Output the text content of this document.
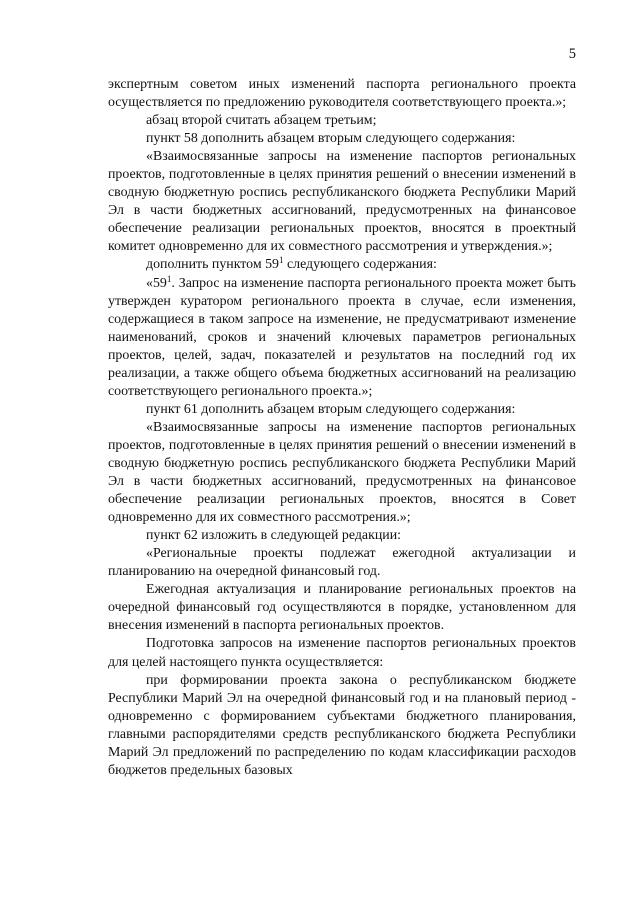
5

экспертным советом иных изменений паспорта регионального проекта осуществляется по предложению руководителя соответствующего проекта.»;

абзац второй считать абзацем третьим;

пункт 58 дополнить абзацем вторым следующего содержания:

«Взаимосвязанные запросы на изменение паспортов региональных проектов, подготовленные в целях принятия решений о внесении изменений в сводную бюджетную роспись республиканского бюджета Республики Марий Эл в части бюджетных ассигнований, предусмотренных на финансовое обеспечение реализации региональных проектов, вносятся в проектный комитет одновременно для их совместного рассмотрения и утверждения.»;

дополнить пунктом $59^1$ следующего содержания:

«$59^1$. Запрос на изменение паспорта регионального проекта может быть утвержден куратором регионального проекта в случае, если изменения, содержащиеся в таком запросе на изменение, не предусматривают изменение наименований, сроков и значений ключевых параметров региональных проектов, целей, задач, показателей и результатов на последний год их реализации, а также общего объема бюджетных ассигнований на реализацию соответствующего регионального проекта.»;

пункт 61 дополнить абзацем вторым следующего содержания:

«Взаимосвязанные запросы на изменение паспортов региональных проектов, подготовленные в целях принятия решений о внесении изменений в сводную бюджетную роспись республиканского бюджета Республики Марий Эл в части бюджетных ассигнований, предусмотренных на финансовое обеспечение реализации региональных проектов, вносятся в Совет одновременно для их совместного рассмотрения.»;

пункт 62 изложить в следующей редакции:

«Региональные проекты подлежат ежегодной актуализации и планированию на очередной финансовый год.

Ежегодная актуализация и планирование региональных проектов на очередной финансовый год осуществляются в порядке, установленном для внесения изменений в паспорта региональных проектов.

Подготовка запросов на изменение паспортов региональных проектов для целей настоящего пункта осуществляется:

при формировании проекта закона о республиканском бюджете Республики Марий Эл на очередной финансовый год и на плановый период - одновременно с формированием субъектами бюджетного планирования, главными распорядителями средств республиканского бюджета Республики Марий Эл предложений по распределению по кодам классификации расходов бюджетов предельных базовых
